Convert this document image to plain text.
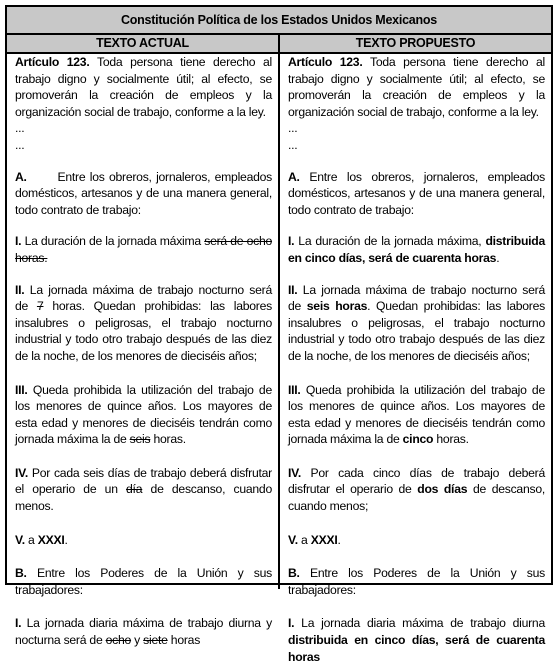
Constitución Política de los Estados Unidos Mexicanos
TEXTO ACTUAL	TEXTO PROPUESTO

Artículo 123. Toda persona tiene derecho al trabajo digno y socialmente útil; al efecto, se promoverán la creación de empleos y la organización social de trabajo, conforme a la ley.

...

...

A.	Entre los obreros, jornaleros, empleados domésticos, artesanos y de una manera general, todo contrato de trabajo:

I. La duración de la jornada máxima será de ocho horas.

II. La jornada máxima de trabajo nocturno será de 7 horas. Quedan prohibidas: las labores insalubres o peligrosas, el trabajo nocturno industrial y todo otro trabajo después de las diez de la noche, de los menores de dieciséis años;

III. Queda prohibida la utilización del trabajo de los menores de quince años. Los mayores de esta edad y menores de dieciséis tendrán como jornada máxima la de seis horas.

IV. Por cada seis días de trabajo deberá disfrutar el operario de un día de descanso, cuando menos.

V. a XXXI.

B. Entre los Poderes de la Unión y sus trabajadores:

I. La jornada diaria máxima de trabajo diurna y nocturna será de ocho y siete horas

Artículo 123. Toda persona tiene derecho al trabajo digno y socialmente útil; al efecto, se promoverán la creación de empleos y la organización social de trabajo, conforme a la ley.

...

...

A. Entre los obreros, jornaleros, empleados domésticos, artesanos y de una manera general, todo contrato de trabajo:

I. La duración de la jornada máxima, distribuida en cinco días, será de cuarenta horas.

II. La jornada máxima de trabajo nocturno será de seis horas. Quedan prohibidas: las labores insalubres o peligrosas, el trabajo nocturno industrial y todo otro trabajo después de las diez de la noche, de los menores de dieciséis años;

III. Queda prohibida la utilización del trabajo de los menores de quince años. Los mayores de esta edad y menores de dieciséis tendrán como jornada máxima la de cinco horas.

IV. Por cada cinco días de trabajo deberá disfrutar el operario de dos días de descanso, cuando menos;

V. a XXXI.

B. Entre los Poderes de la Unión y sus trabajadores:

I. La jornada diaria máxima de trabajo diurna distribuida en cinco días, será de cuarenta horas
